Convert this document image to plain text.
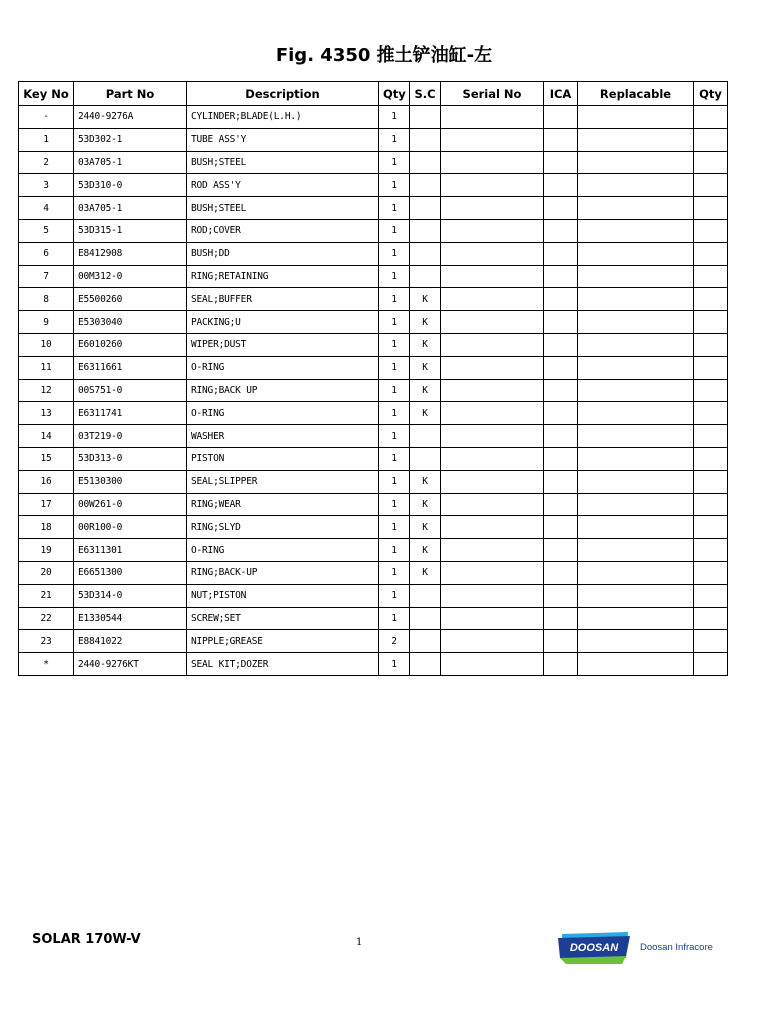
Fig. 4350 推土铲油缸-左
Key No	Part No	Description	Qty	S.C	Serial No	ICA	Replacable	Qty
-	2440-9276A	CYLINDER;BLADE(L.H.)	1					
1	53D302-1	TUBE ASS'Y	1					
2	03A705-1	BUSH;STEEL	1					
3	53D310-0	ROD ASS'Y	1					
4	03A705-1	BUSH;STEEL	1					
5	53D315-1	ROD;COVER	1					
6	E8412908	BUSH;DD	1					
7	00M312-0	RING;RETAINING	1					
8	E5500260	SEAL;BUFFER	1	K				
9	E5303040	PACKING;U	1	K				
10	E6010260	WIPER;DUST	1	K				
11	E6311661	O-RING	1	K				
12	00S751-0	RING;BACK UP	1	K				
13	E6311741	O-RING	1	K				
14	03T219-0	WASHER	1					
15	53D313-0	PISTON	1					
16	E5130300	SEAL;SLIPPER	1	K				
17	00W261-0	RING;WEAR	1	K				
18	00R100-0	RING;SLYD	1	K				
19	E6311301	O-RING	1	K				
20	E6651300	RING;BACK-UP	1	K				
21	53D314-0	NUT;PISTON	1					
22	E1330544	SCREW;SET	1					
23	E8841022	NIPPLE;GREASE	2					
*	2440-9276KT	SEAL KIT;DOZER	1					
SOLAR 170W-V	1	DOOSAN Doosan Infracore
